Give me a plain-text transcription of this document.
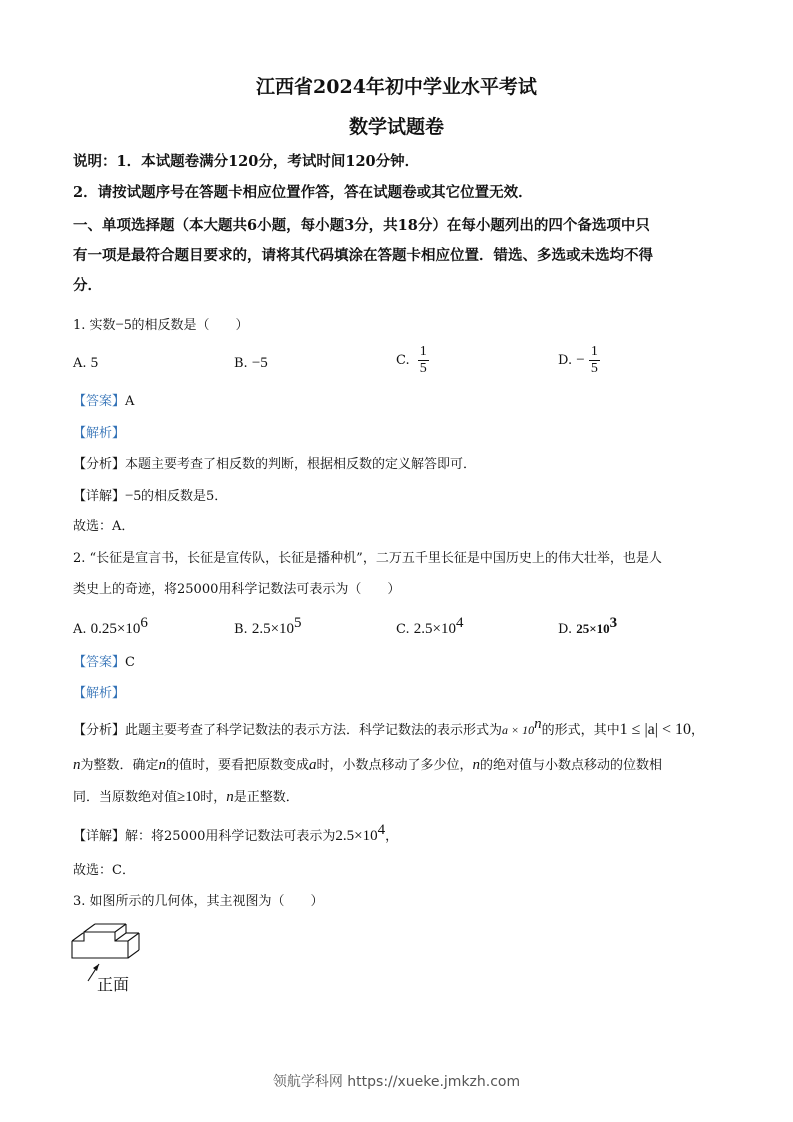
江西省2024年初中学业水平考试
数学试题卷
说明：1．本试题卷满分120分，考试时间120分钟．
2．请按试题序号在答题卡相应位置作答，答在试题卷或其它位置无效．
一、单项选择题（本大题共6小题，每小题3分，共18分）在每小题列出的四个备选项中只
有一项是最符合题目要求的，请将其代码填涂在答题卡相应位置．错选、多选或未选均不得
分．
1. 实数−5的相反数是（　　）
A. 5	B. −5	C. $\frac{1}{5}$	D. − $\frac{1}{5}$
【答案】A
【解析】
【分析】本题主要考查了相反数的判断，根据相反数的定义解答即可．
【详解】−5的相反数是5．
故选：A．
2. “长征是宣言书，长征是宣传队，长征是播种机”，二万五千里长征是中国历史上的伟大壮举，也是人
类史上的奇迹，将25000用科学记数法可表示为（　　）
A. $0.25\times 10^6$	B. $2.5\times 10^5$	C. $2.5\times 10^4$	D. $25\times 10^3$
【答案】C
【解析】
【分析】此题主要考查了科学记数法的表示方法．科学记数法的表示形式为$a \times 10^n$的形式，其中1 ≤ |a| < 10，
n为整数．确定n的值时，要看把原数变成a时，小数点移动了多少位，n的绝对值与小数点移动的位数相
同．当原数绝对值≥10时，n是正整数．
【详解】解：将25000用科学记数法可表示为$2.5\times 10^4$，
故选：C．
3. 如图所示的几何体，其主视图为（　　）
正面
领航学科网 https://xueke.jmkzh.com
